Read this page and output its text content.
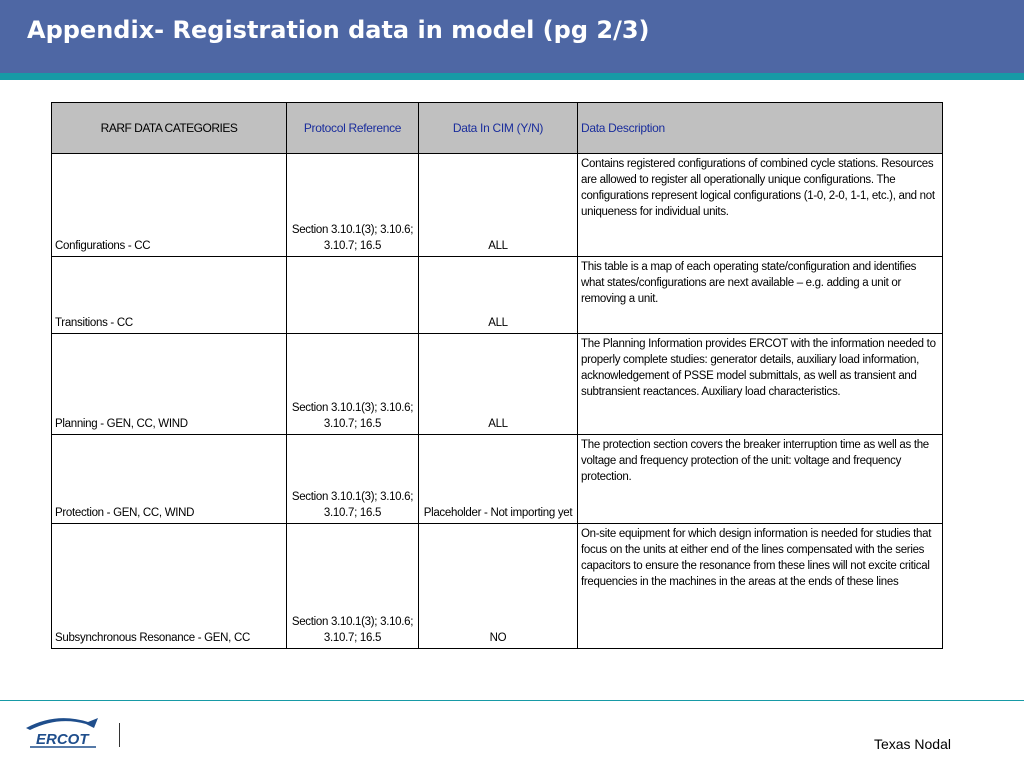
Appendix- Registration data in model (pg 2/3)
RARF DATA CATEGORIES	Protocol Reference	Data In CIM (Y/N)	Data Description
Configurations - CC	Section 3.10.1(3); 3.10.6; 3.10.7; 16.5	ALL	Contains registered configurations of combined cycle stations. Resources are allowed to register all operationally unique configurations. The configurations represent logical configurations (1-0, 2-0, 1-1, etc.), and not uniqueness for individual units.
Transitions - CC		ALL	This table is a map of each operating state/configuration and identifies what states/configurations are next available – e.g. adding a unit or removing a unit.
Planning - GEN, CC, WIND	Section 3.10.1(3); 3.10.6; 3.10.7; 16.5	ALL	The Planning Information provides ERCOT with the information needed to properly complete studies: generator details, auxiliary load information, acknowledgement of PSSE model submittals, as well as transient and subtransient reactances. Auxiliary load characteristics.
Protection - GEN, CC, WIND	Section 3.10.1(3); 3.10.6; 3.10.7; 16.5	Placeholder - Not importing yet	The protection section covers the breaker interruption time as well as the voltage and frequency protection of the unit: voltage and frequency protection.
Subsynchronous Resonance - GEN, CC	Section 3.10.1(3); 3.10.6; 3.10.7; 16.5	NO	On-site equipment for which design information is needed for studies that focus on the units at either end of the lines compensated with the series capacitors to ensure the resonance from these lines will not excite critical frequencies in the machines in the areas at the ends of these lines
ERCOT	Texas Nodal
